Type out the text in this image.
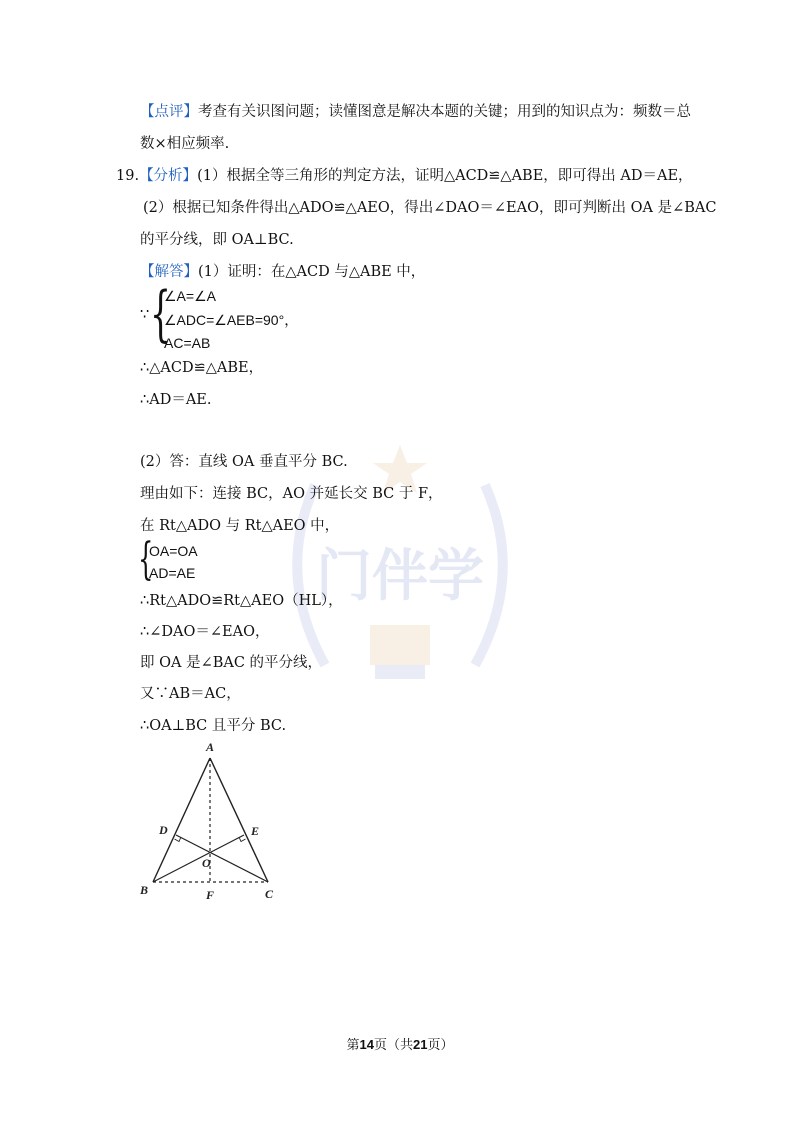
门伴学
【点评】考查有关识图问题；读懂图意是解决本题的关键；用到的知识点为：频数＝总
数×相应频率.
19.【分析】(1）根据全等三角形的判定方法，证明△ACD≌△ABE，即可得出 AD＝AE，
(2）根据已知条件得出△ADO≌△AEO，得出∠DAO＝∠EAO，即可判断出 OA 是∠BAC
的平分线，即 OA⊥BC.
【解答】(1）证明：在△ACD 与△ABE 中，
∵ {
∠A=∠A
∠ADC=∠AEB=90°，
AC=AB
∴△ACD≌△ABE，
∴AD＝AE.
(2）答：直线 OA 垂直平分 BC.
理由如下：连接 BC，AO 并延长交 BC 于 F，
在 Rt△ADO 与 Rt△AEO 中，
{
OA=OA
AD=AE
∴Rt△ADO≌Rt△AEO（HL），
∴∠DAO＝∠EAO，
即 OA 是∠BAC 的平分线，
又∵AB＝AC，
∴OA⊥BC 且平分 BC.
A
B	C
D	E
O
F
第14页（共21页）
